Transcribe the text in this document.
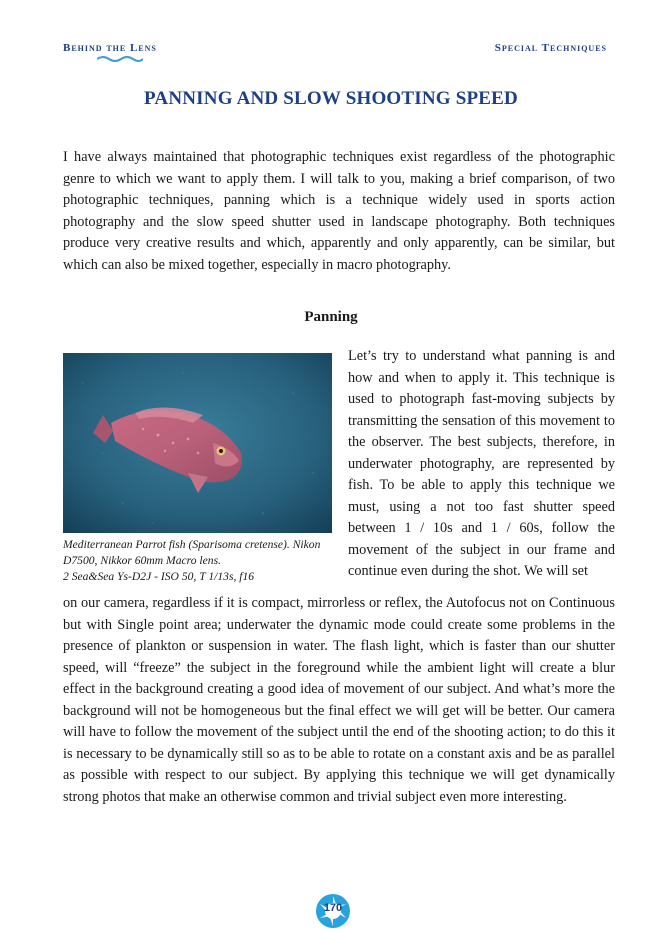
Behind the Lens	Special Techniques
PANNING AND SLOW SHOOTING SPEED
I have always maintained that photographic techniques exist regardless of the photographic genre to which we want to apply them. I will talk to you, making a brief comparison, of two photographic techniques, panning which is a technique widely used in sports action photography and the slow speed shutter used in landscape photography. Both techniques produce very creative results and which, apparently and only apparently, can be similar, but which can also be mixed together, especially in macro photography.
Panning
Mediterranean Parrot fish (Sparisoma cretense). Nikon D7500, Nikkor 60mm Macro lens.
2 Sea&Sea Ys-D2J - ISO 50, T 1/13s, f16
Let’s try to understand what panning is and how and when to apply it. This technique is used to photograph fast-moving subjects by transmitting the sensation of this movement to the observer. The best subjects, therefore, in underwater photography, are represented by fish. To be able to apply this technique we must, using a not too fast shutter speed between 1 / 10s and 1 / 60s, follow the movement of the subject in our frame and continue even during the shot. We will set
on our camera, regardless if it is compact, mirrorless or reflex, the Autofocus not on Continuous but with Single point area; underwater the dynamic mode could create some problems in the presence of plankton or suspension in water. The flash light, which is faster than our shutter speed, will “freeze” the subject in the foreground while the ambient light will create a blur effect in the background creating a good idea of movement of our subject. And what’s more the background will not be homogeneous but the final effect we will get will be better. Our camera will have to follow the movement of the subject until the end of the shooting action; to do this it is necessary to be dynamically still so as to be able to rotate on a constant axis and be as parallel as possible with respect to our subject. By applying this technique we will get dynamically strong photos that make an otherwise common and trivial subject even more interesting.
170
